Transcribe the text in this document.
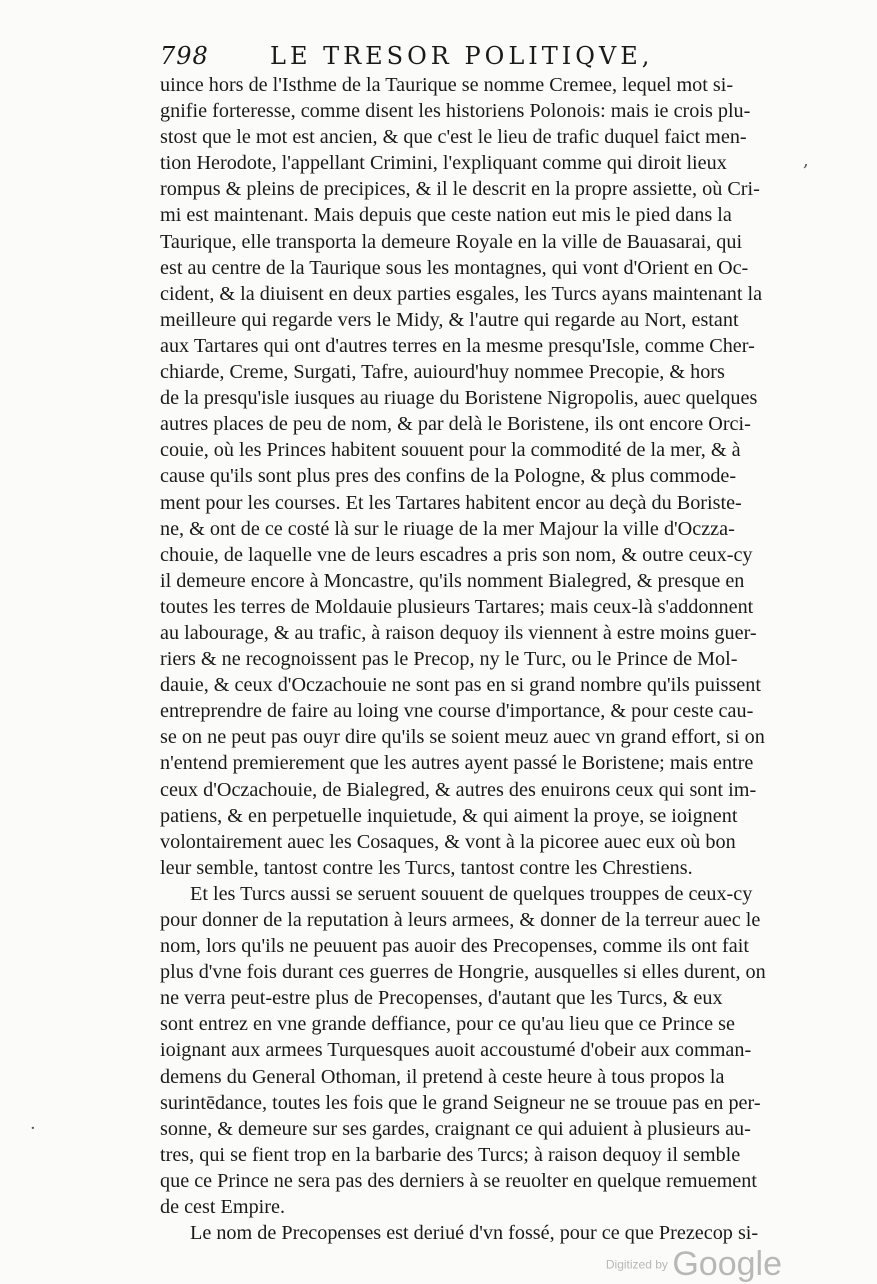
798	LE TRESOR POLITIQVE,
uince hors de l'Isthme de la Taurique se nomme Cremee, lequel mot si-
gnifie forteresse, comme disent les historiens Polonois: mais ie crois plu-
stost que le mot est ancien, & que c'est le lieu de trafic duquel faict men-
tion Herodote, l'appellant Crimini, l'expliquant comme qui diroit lieux
rompus & pleins de precipices, & il le descrit en la propre assiette, où Cri-
mi est maintenant. Mais depuis que ceste nation eut mis le pied dans la
Taurique, elle transporta la demeure Royale en la ville de Bauasarai, qui
est au centre de la Taurique sous les montagnes, qui vont d'Orient en Oc-
cident, & la diuisent en deux parties esgales, les Turcs ayans maintenant la
meilleure qui regarde vers le Midy, & l'autre qui regarde au Nort, estant
aux Tartares qui ont d'autres terres en la mesme presqu'Isle, comme Cher-
chiarde, Creme, Surgati, Tafre, auiourd'huy nommee Precopie, & hors
de la presqu'isle iusques au riuage du Boristene Nigropolis, auec quelques
autres places de peu de nom, & par delà le Boristene, ils ont encore Orci-
couie, où les Princes habitent souuent pour la commodité de la mer, & à
cause qu'ils sont plus pres des confins de la Pologne, & plus commode-
ment pour les courses. Et les Tartares habitent encor au deçà du Boriste-
ne, & ont de ce costé là sur le riuage de la mer Majour la ville d'Oczza-
chouie, de laquelle vne de leurs escadres a pris son nom, & outre ceux-cy
il demeure encore à Moncastre, qu'ils nomment Bialegred, & presque en
toutes les terres de Moldauie plusieurs Tartares; mais ceux-là s'addonnent
au labourage, & au trafic, à raison dequoy ils viennent à estre moins guer-
riers & ne recognoissent pas le Precop, ny le Turc, ou le Prince de Mol-
dauie, & ceux d'Oczachouie ne sont pas en si grand nombre qu'ils puissent
entreprendre de faire au loing vne course d'importance, & pour ceste cau-
se on ne peut pas ouyr dire qu'ils se soient meuz auec vn grand effort, si on
n'entend premierement que les autres ayent passé le Boristene; mais entre
ceux d'Oczachouie, de Bialegred, & autres des enuirons ceux qui sont im-
patiens, & en perpetuelle inquietude, & qui aiment la proye, se ioignent
volontairement auec les Cosaques, & vont à la picoree auec eux où bon
leur semble, tantost contre les Turcs, tantost contre les Chrestiens.
Et les Turcs aussi se seruent souuent de quelques trouppes de ceux-cy
pour donner de la reputation à leurs armees, & donner de la terreur auec le
nom, lors qu'ils ne peuuent pas auoir des Precopenses, comme ils ont fait
plus d'vne fois durant ces guerres de Hongrie, ausquelles si elles durent, on
ne verra peut-estre plus de Precopenses, d'autant que les Turcs, & eux
sont entrez en vne grande deffiance, pour ce qu'au lieu que ce Prince se
ioignant aux armees Turquesques auoit accoustumé d'obeir aux comman-
demens du General Othoman, il pretend à ceste heure à tous propos la
surintēdance, toutes les fois que le grand Seigneur ne se trouue pas en per-
sonne, & demeure sur ses gardes, craignant ce qui aduient à plusieurs au-
tres, qui se fient trop en la barbarie des Turcs; à raison dequoy il semble
que ce Prince ne sera pas des derniers à se reuolter en quelque remuement
de cest Empire.
Le nom de Precopenses est deriué d'vn fossé, pour ce que Prezecop si-
,
·
Digitized by Google
